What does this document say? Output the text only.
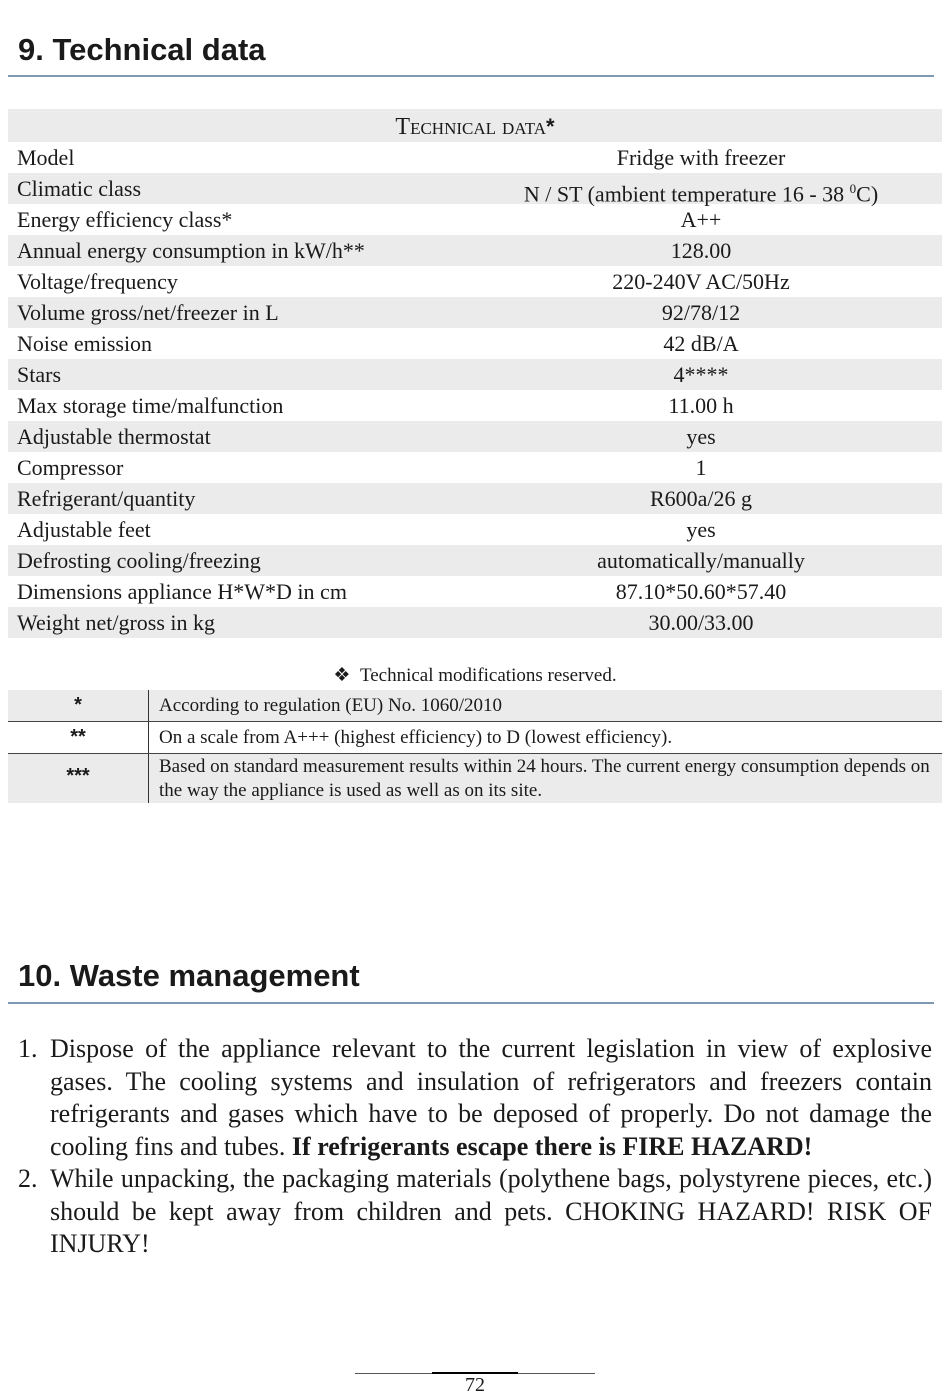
9. Technical data
Technical data*
Model	Fridge with freezer
Climatic class	N / ST (ambient temperature 16 - 38 $^0$C)
Energy efficiency class*	A++
Annual energy consumption in kW/h**	128.00
Voltage/frequency	220-240V AC/50Hz
Volume gross/net/freezer in L	92/78/12
Noise emission	42 dB/A
Stars	4****
Max storage time/malfunction	11.00 h
Adjustable thermostat	yes
Compressor	1
Refrigerant/quantity	R600a/26 g
Adjustable feet	yes
Defrosting cooling/freezing	automatically/manually
Dimensions appliance H*W*D in cm	87.10*50.60*57.40
Weight net/gross in kg	30.00/33.00
❖ Technical modifications reserved.
*	According to regulation (EU) No. 1060/2010
**	On a scale from A+++ (highest efficiency) to D (lowest efficiency).
***	Based on standard measurement results within 24 hours. The current energy consumption depends on the way the appliance is used as well as on its site.
10. Waste management
1. Dispose of the appliance relevant to the current legislation in view of explosive gases. The cooling systems and insulation of refrigerators and freezers contain refrigerants and gases which have to be deposed of properly. Do not damage the cooling fins and tubes. If refrigerants escape there is FIRE HAZARD!
2. While unpacking, the packaging materials (polythene bags, polystyrene pieces, etc.) should be kept away from children and pets. CHOKING HAZARD! RISK OF INJURY!
72
